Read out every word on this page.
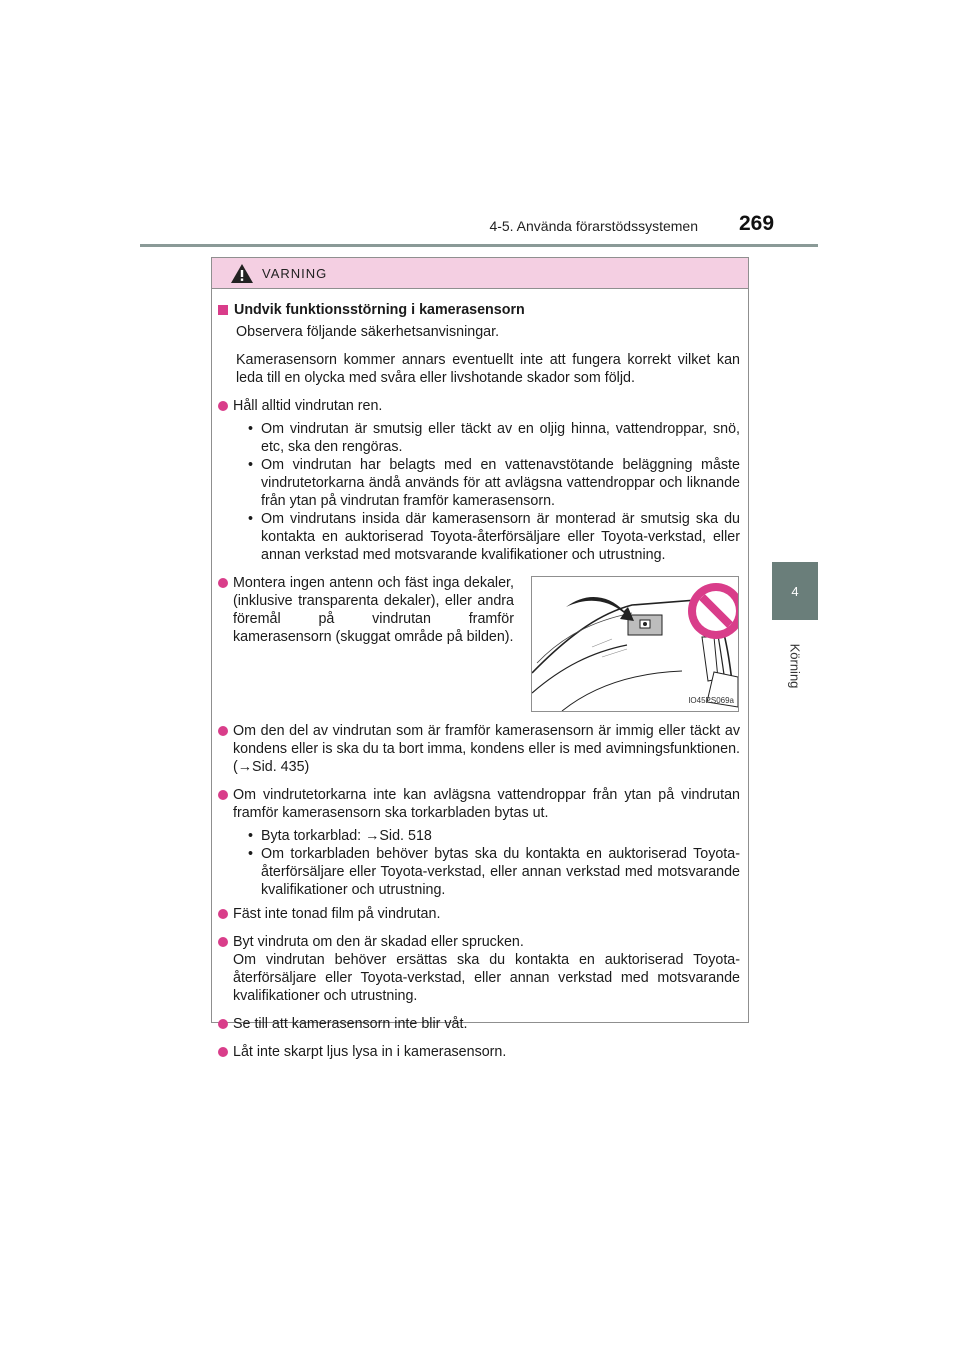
4-5. Använda förarstödssystemen 269
4
Körning
VARNING
Undvik funktionsstörning i kamerasensorn
Observera följande säkerhetsanvisningar.
Kamerasensorn kommer annars eventuellt inte att fungera korrekt vilket kan leda till en olycka med svåra eller livshotande skador som följd.
Håll alltid vindrutan ren.
• Om vindrutan är smutsig eller täckt av en oljig hinna, vattendroppar, snö, etc, ska den rengöras.
• Om vindrutan har belagts med en vattenavstötande beläggning måste vindrutetorkarna ändå används för att avlägsna vattendroppar och liknande från ytan på vindrutan framför kamerasensorn.
• Om vindrutans insida där kamerasensorn är monterad är smutsig ska du kontakta en auktoriserad Toyota-återförsäljare eller Toyota-verkstad, eller annan verkstad med motsvarande kvalifikationer och utrustning.
Montera ingen antenn och fäst inga dekaler, (inklusive transparenta dekaler), eller andra föremål på vindrutan framför kamerasensorn (skuggat område på bilden).
IO45PS069a
Om den del av vindrutan som är framför kamerasensorn är immig eller täckt av kondens eller is ska du ta bort imma, kondens eller is med avimningsfunktionen. (→Sid. 435)
Om vindrutetorkarna inte kan avlägsna vattendroppar från ytan på vindrutan framför kamerasensorn ska torkarbladen bytas ut.
• Byta torkarblad: →Sid. 518
• Om torkarbladen behöver bytas ska du kontakta en auktoriserad Toyota-återförsäljare eller Toyota-verkstad, eller annan verkstad med motsvarande kvalifikationer och utrustning.
Fäst inte tonad film på vindrutan.
Byt vindruta om den är skadad eller sprucken.
Om vindrutan behöver ersättas ska du kontakta en auktoriserad Toyota-återförsäljare eller Toyota-verkstad, eller annan verkstad med motsvarande kvalifikationer och utrustning.
Se till att kamerasensorn inte blir våt.
Låt inte skarpt ljus lysa in i kamerasensorn.
